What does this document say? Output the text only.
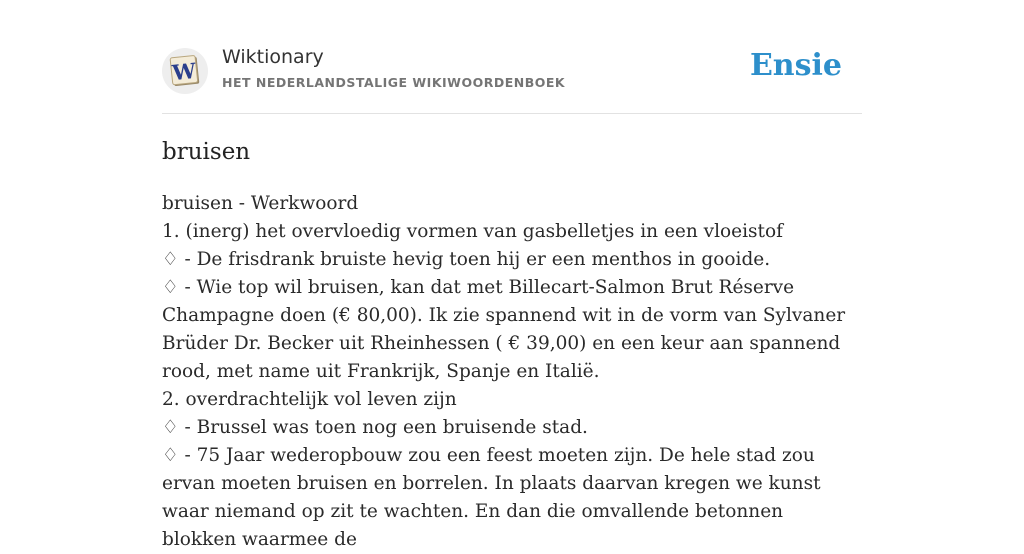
W
Wiktionary
HET NEDERLANDSTALIGE WIKIWOORDENBOEK	Ensie
bruisen

bruisen - Werkwoord

1. (inerg) het overvloedig vormen van gasbelletjes in een vloeistof

♢ - De frisdrank bruiste hevig toen hij er een menthos in gooide.

♢ - Wie top wil bruisen, kan dat met Billecart-Salmon Brut Réserve Champagne doen (€ 80,00). Ik zie spannend wit in de vorm van Sylvaner Brüder Dr. Becker uit Rheinhessen ( € 39,00) en een keur aan spannend rood, met name uit Frankrijk, Spanje en Italië.

2. overdrachtelijk vol leven zijn

♢ - Brussel was toen nog een bruisende stad.

♢ - 75 Jaar wederopbouw zou een feest moeten zijn. De hele stad zou ervan moeten bruisen en borrelen. In plaats daarvan kregen we kunst waar niemand op zit te wachten. En dan die omvallende betonnen blokken waarmee de
